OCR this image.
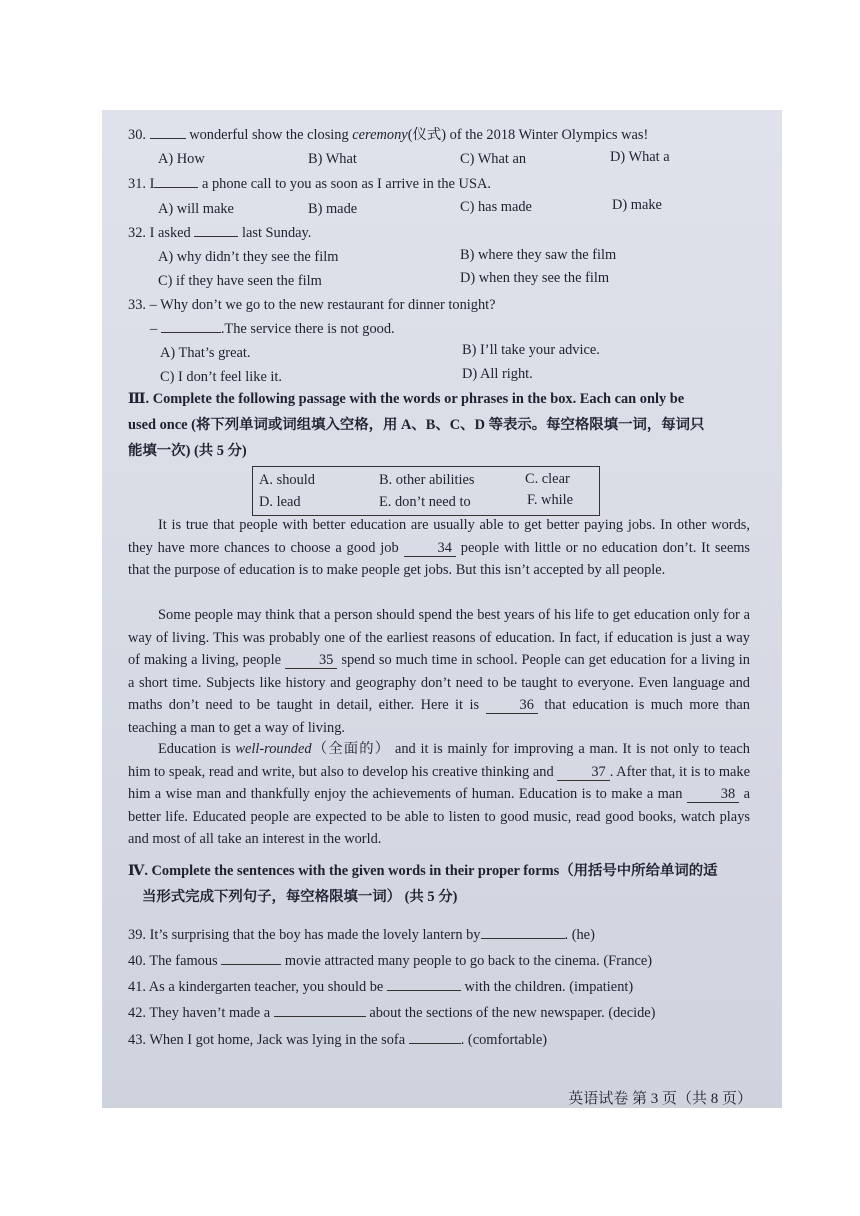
30.	wonderful show the closing ceremony(仪式) of the 2018 Winter Olympics was!
A) How	B) What	C) What an	D) What a
31. I	a phone call to you as soon as I arrive in the USA.
A) will make	B) made	C) has made	D) make
32. I asked	last Sunday.
A) why didn’t they see the film	B) where they saw the film
C) if they have seen the film	D) when they see the film
33. – Why don’t we go to the new restaurant for dinner tonight?
–	.The service there is not good.
A) That’s great.	B) I’ll take your advice.
C) I don’t feel like it.	D) All right.
Ⅲ. Complete the following passage with the words or phrases in the box. Each can only be
used once (将下列单词或词组填入空格，用 A、B、C、D 等表示。每空格限填一词，每词只
能填一次) (共 5 分)
A. should	B. other abilities	C. clear
D. lead	E. don’t need to	F. while
It is true that people with better education are usually able to get better paying jobs. In other words, they have more chances to choose a good job 34 people with little or no education don’t. It seems that the purpose of education is to make people get jobs. But this isn’t accepted by all people.
Some people may think that a person should spend the best years of his life to get education only for a way of living. This was probably one of the earliest reasons of education. In fact, if education is just a way of making a living, people 35 spend so much time in school. People can get education for a living in a short time. Subjects like history and geography don’t need to be taught to everyone. Even language and maths don’t need to be taught in detail, either. Here it is 36 that education is much more than teaching a man to get a way of living.
Education is well-rounded（全面的） and it is mainly for improving a man. It is not only to teach him to speak, read and write, but also to develop his creative thinking and 37 . After that, it is to make him a wise man and thankfully enjoy the achievements of human. Education is to make a man 38 a better life. Educated people are expected to be able to listen to good music, read good books, watch plays and most of all take an interest in the world.
Ⅳ. Complete the sentences with the given words in their proper forms（用括号中所给单词的适
当形式完成下列句子，每空格限填一词） (共 5 分)
39. It’s surprising that the boy has made the lovely lantern by	. (he)
40. The famous	movie attracted many people to go back to the cinema. (France)
41. As a kindergarten teacher, you should be	with the children. (impatient)
42. They haven’t made a	about the sections of the new newspaper. (decide)
43. When I got home, Jack was lying in the sofa	. (comfortable)
英语试卷 第 3 页（共 8 页）
